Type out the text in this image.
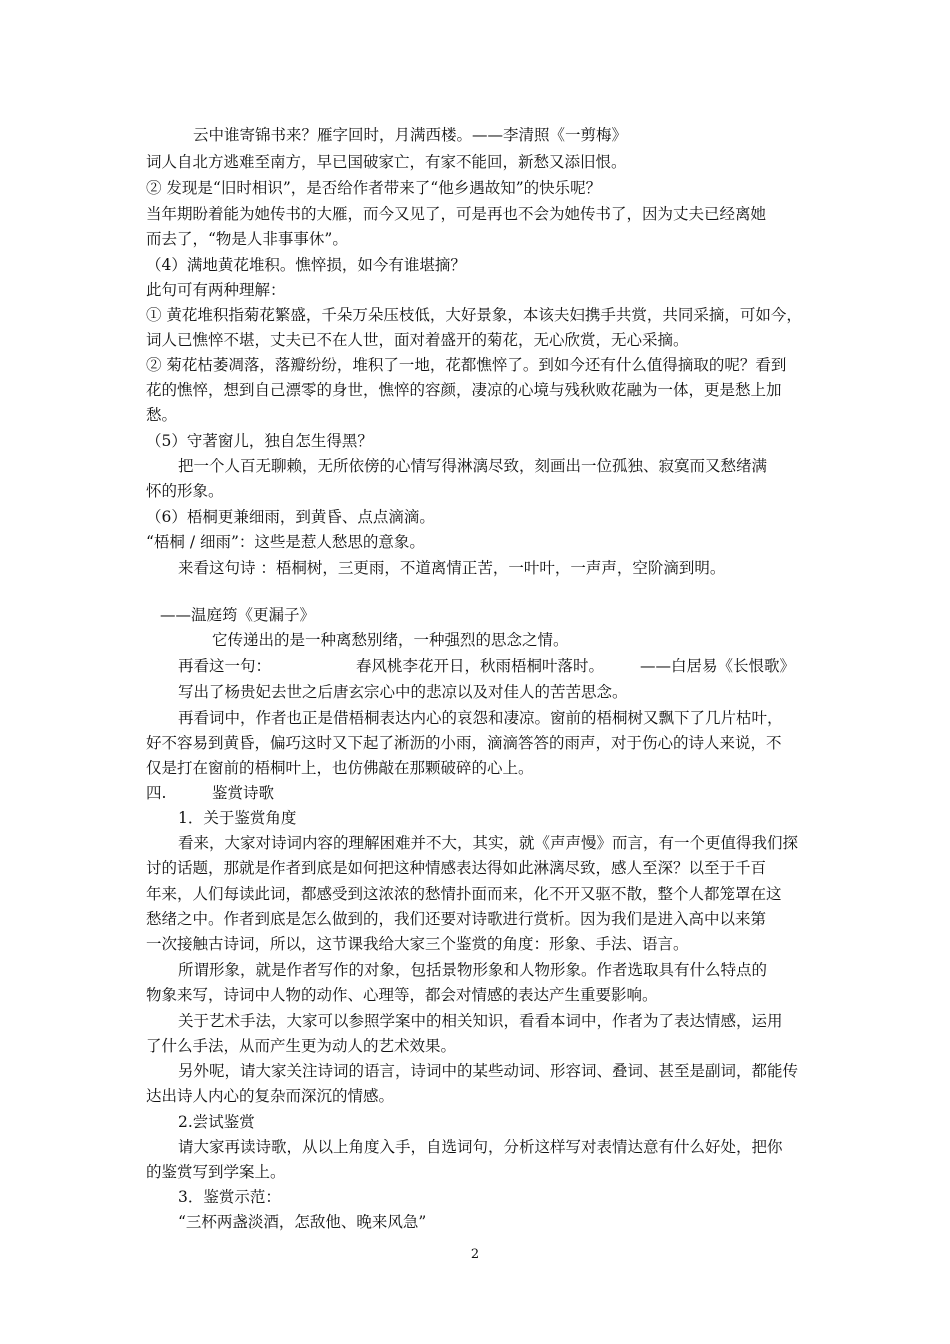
云中谁寄锦书来？雁字回时，月满西楼。——李清照《一剪梅》
词人自北方逃难至南方，早已国破家亡，有家不能回，新愁又添旧恨。
② 发现是“旧时相识”，是否给作者带来了“他乡遇故知”的快乐呢？
当年期盼着能为她传书的大雁，而今又见了，可是再也不会为她传书了，因为丈夫已经离她
而去了，“物是人非事事休”。
（4）满地黄花堆积。憔悴损，如今有谁堪摘？
此句可有两种理解：
① 黄花堆积指菊花繁盛，千朵万朵压枝低，大好景象，本该夫妇携手共赏，共同采摘，可如今，
词人已憔悴不堪，丈夫已不在人世，面对着盛开的菊花，无心欣赏，无心采摘。
② 菊花枯萎凋落，落瓣纷纷，堆积了一地，花都憔悴了。到如今还有什么值得摘取的呢？看到
花的憔悴，想到自己漂零的身世，憔悴的容颜，凄凉的心境与残秋败花融为一体，更是愁上加
愁。
（5）守著窗儿，独自怎生得黑？
把一个人百无聊赖，无所依傍的心情写得淋漓尽致，刻画出一位孤独、寂寞而又愁绪满
怀的形象。
（6）梧桐更兼细雨，到黄昏、点点滴滴。
“梧桐 / 细雨”：这些是惹人愁思的意象。
来看这句诗 ：梧桐树，三更雨，不道离情正苦，一叶叶，一声声，空阶滴到明。
——温庭筠《更漏子》
它传递出的是一种离愁别绪，一种强烈的思念之情。
再看这一句：	春风桃李花开日，秋雨梧桐叶落时。	——白居易《长恨歌》
写出了杨贵妃去世之后唐玄宗心中的悲凉以及对佳人的苦苦思念。
再看词中，作者也正是借梧桐表达内心的哀怨和凄凉。窗前的梧桐树又飘下了几片枯叶，
好不容易到黄昏，偏巧这时又下起了淅沥的小雨，滴滴答答的雨声，对于伤心的诗人来说，不
仅是打在窗前的梧桐叶上，也仿佛敲在那颗破碎的心上。
四.	鉴赏诗歌
1．关于鉴赏角度
看来，大家对诗词内容的理解困难并不大，其实，就《声声慢》而言，有一个更值得我们探
讨的话题，那就是作者到底是如何把这种情感表达得如此淋漓尽致，感人至深？以至于千百
年来，人们每读此词，都感受到这浓浓的愁情扑面而来，化不开又驱不散，整个人都笼罩在这
愁绪之中。作者到底是怎么做到的，我们还要对诗歌进行赏析。因为我们是进入高中以来第
一次接触古诗词，所以，这节课我给大家三个鉴赏的角度：形象、手法、语言。
所谓形象，就是作者写作的对象，包括景物形象和人物形象。作者选取具有什么特点的
物象来写，诗词中人物的动作、心理等，都会对情感的表达产生重要影响。
关于艺术手法，大家可以参照学案中的相关知识，看看本词中，作者为了表达情感，运用
了什么手法，从而产生更为动人的艺术效果。
另外呢，请大家关注诗词的语言，诗词中的某些动词、形容词、叠词、甚至是副词，都能传
达出诗人内心的复杂而深沉的情感。
2.尝试鉴赏
请大家再读诗歌，从以上角度入手，自选词句，分析这样写对表情达意有什么好处，把你
的鉴赏写到学案上。
3．鉴赏示范：
“三杯两盏淡酒，怎敌他、晚来风急”
2
